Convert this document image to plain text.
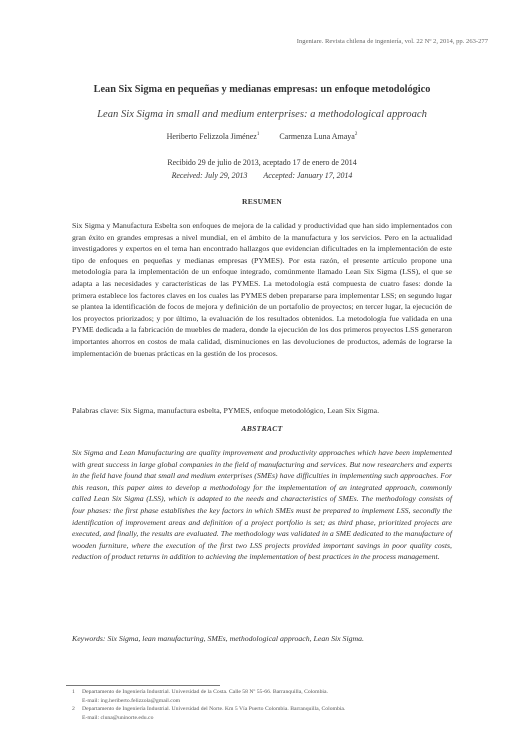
Ingeniare. Revista chilena de ingeniería, vol. 22 Nº 2, 2014, pp. 263-277
Lean Six Sigma en pequeñas y medianas empresas: un enfoque metodológico
Lean Six Sigma in small and medium enterprises: a methodological approach
Heriberto Felizzola Jiménez$^1$	Carmenza Luna Amaya$^2$
Recibido 29 de julio de 2013, aceptado 17 de enero de 2014
Received: July 29, 2013 Accepted: January 17, 2014
RESUMEN

Six Sigma y Manufactura Esbelta son enfoques de mejora de la calidad y productividad que han sido implementados con gran éxito en grandes empresas a nivel mundial, en el ámbito de la manufactura y los servicios. Pero en la actualidad investigadores y expertos en el tema han encontrado hallazgos que evidencian dificultades en la implementación de este tipo de enfoques en pequeñas y medianas empresas (PYMES). Por esta razón, el presente artículo propone una metodología para la implementación de un enfoque integrado, comúnmente llamado Lean Six Sigma (LSS), el que se adapta a las necesidades y características de las PYMES. La metodología está compuesta de cuatro fases: donde la primera establece los factores claves en los cuales las PYMES deben prepararse para implementar LSS; en segundo lugar se plantea la identificación de focos de mejora y definición de un portafolio de proyectos; en tercer lugar, la ejecución de los proyectos priorizados; y por último, la evaluación de los resultados obtenidos. La metodología fue validada en una PYME dedicada a la fabricación de muebles de madera, donde la ejecución de los dos primeros proyectos LSS generaron importantes ahorros en costos de mala calidad, disminuciones en las devoluciones de productos, además de lograrse la implementación de buenas prácticas en la gestión de los procesos.

Palabras clave: Six Sigma, manufactura esbelta, PYMES, enfoque metodológico, Lean Six Sigma.

ABSTRACT

Six Sigma and Lean Manufacturing are quality improvement and productivity approaches which have been implemented with great success in large global companies in the field of manufacturing and services. But now researchers and experts in the field have found that small and medium enterprises (SMEs) have difficulties in implementing such approaches. For this reason, this paper aims to develop a methodology for the implementation of an integrated approach, commonly called Lean Six Sigma (LSS), which is adapted to the needs and characteristics of SMEs. The methodology consists of four phases: the first phase establishes the key factors in which SMEs must be prepared to implement LSS, secondly the identification of improvement areas and definition of a project portfolio is set; as third phase, prioritized projects are executed, and finally, the results are evaluated. The methodology was validated in a SME dedicated to the manufacture of wooden furniture, where the execution of the first two LSS projects provided important savings in poor quality costs, reduction of product returns in addition to achieving the implementation of best practices in the process management.

Keywords: Six Sigma, lean manufacturing, SMEs, methodological approach, Lean Six Sigma.

1 Departamento de Ingeniería Industrial. Universidad de la Costa. Calle 58 Nº 55-66. Barranquilla, Colombia.
E-mail: ing.heriberto.felizzola@gmail.com
2 Departamento de Ingeniería Industrial. Universidad del Norte. Km 5 Vía Puerto Colombia. Barranquilla, Colombia.
E-mail: cluna@uninorte.edu.co
